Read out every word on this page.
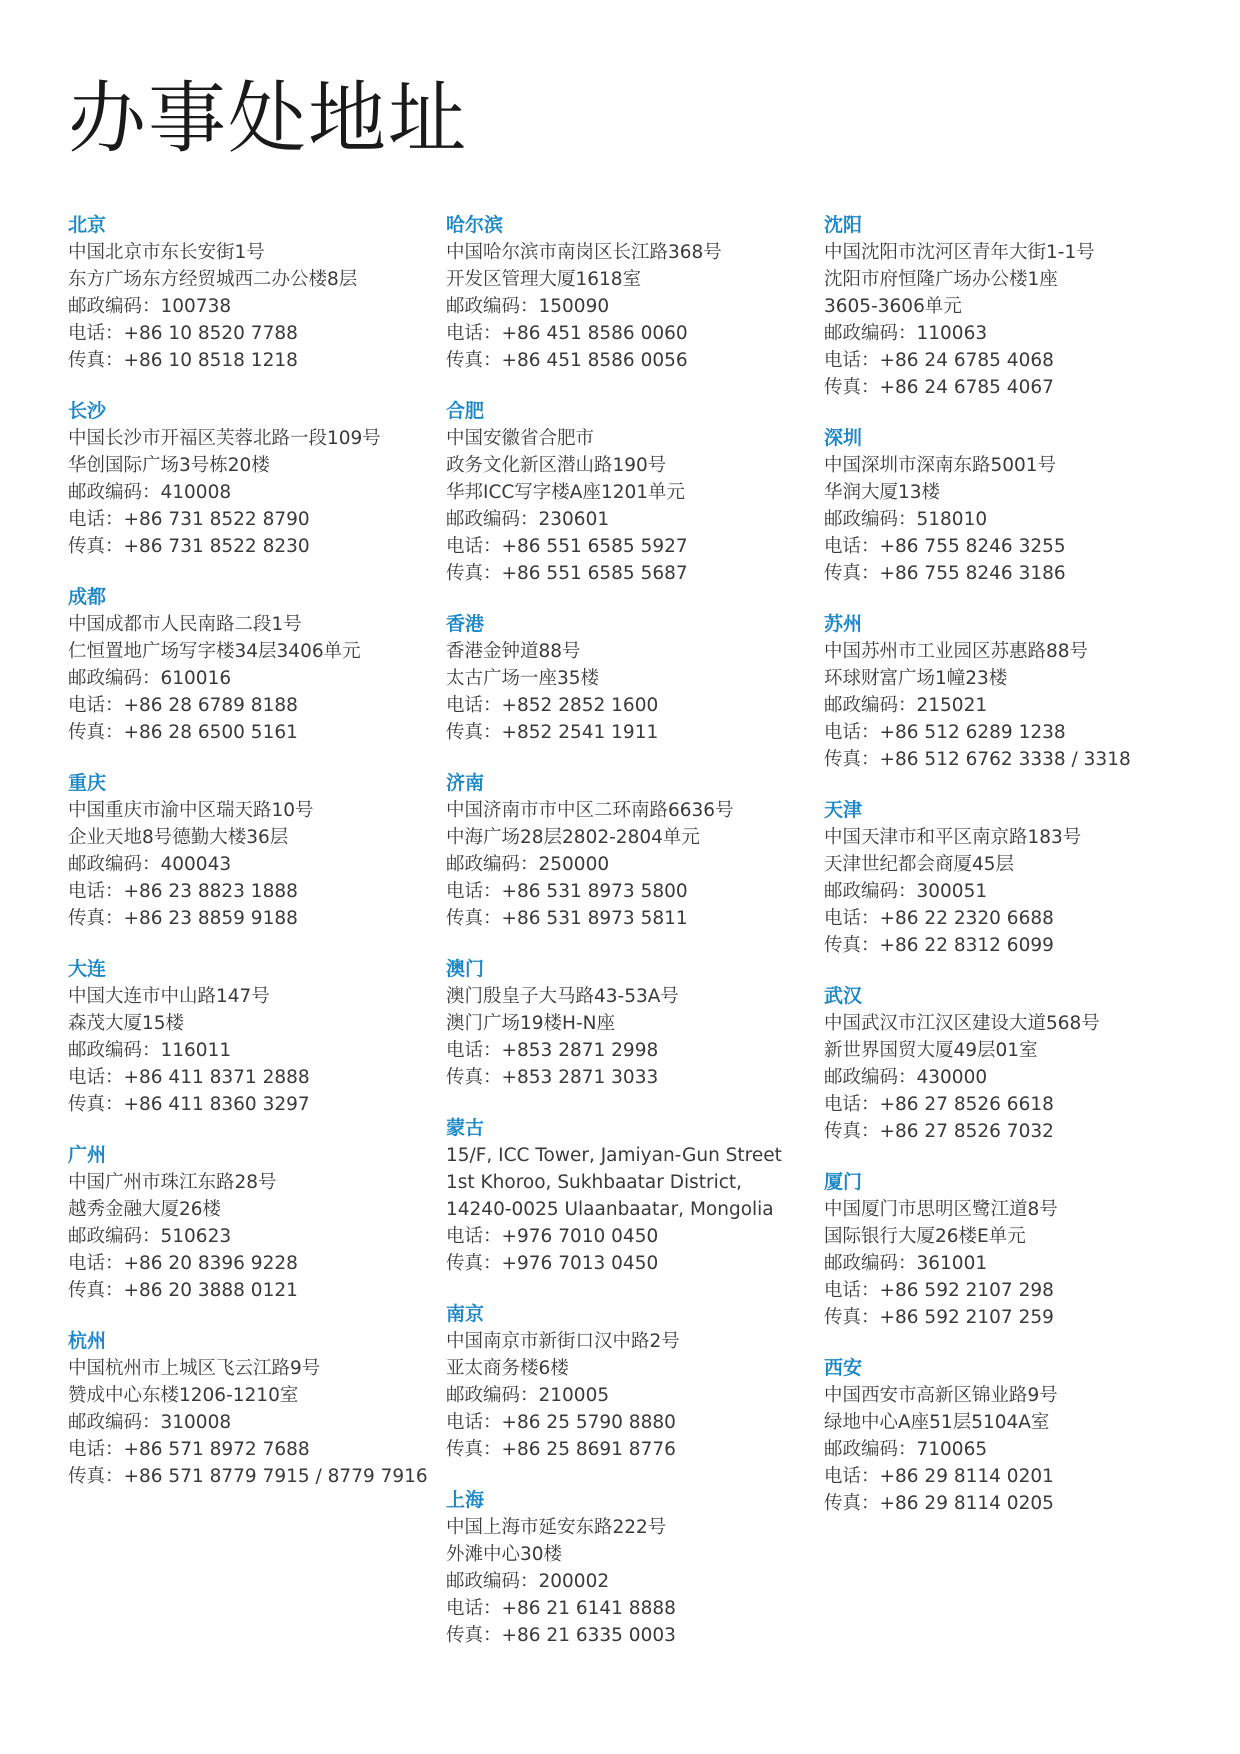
办事处地址
北京
中国北京市东长安街1号
东方广场东方经贸城西二办公楼8层
邮政编码：100738
电话：+86 10 8520 7788
传真：+86 10 8518 1218
长沙
中国长沙市开福区芙蓉北路一段109号
华创国际广场3号栋20楼
邮政编码：410008
电话：+86 731 8522 8790
传真：+86 731 8522 8230
成都
中国成都市人民南路二段1号
仁恒置地广场写字楼34层3406单元
邮政编码：610016
电话：+86 28 6789 8188
传真：+86 28 6500 5161
重庆
中国重庆市渝中区瑞天路10号
企业天地8号德勤大楼36层
邮政编码：400043
电话：+86 23 8823 1888
传真：+86 23 8859 9188
大连
中国大连市中山路147号
森茂大厦15楼
邮政编码：116011
电话：+86 411 8371 2888
传真：+86 411 8360 3297
广州
中国广州市珠江东路28号
越秀金融大厦26楼
邮政编码：510623
电话：+86 20 8396 9228
传真：+86 20 3888 0121
杭州
中国杭州市上城区飞云江路9号
赞成中心东楼1206-1210室
邮政编码：310008
电话：+86 571 8972 7688
传真：+86 571 8779 7915 / 8779 7916
哈尔滨
中国哈尔滨市南岗区长江路368号
开发区管理大厦1618室
邮政编码：150090
电话：+86 451 8586 0060
传真：+86 451 8586 0056
合肥
中国安徽省合肥市
政务文化新区潜山路190号
华邦ICC写字楼A座1201单元
邮政编码：230601
电话：+86 551 6585 5927
传真：+86 551 6585 5687
香港
香港金钟道88号
太古广场一座35楼
电话：+852 2852 1600
传真：+852 2541 1911
济南
中国济南市市中区二环南路6636号
中海广场28层2802-2804单元
邮政编码：250000
电话：+86 531 8973 5800
传真：+86 531 8973 5811
澳门
澳门殷皇子大马路43-53A号
澳门广场19楼H-N座
电话：+853 2871 2998
传真：+853 2871 3033
蒙古
15/F, ICC Tower, Jamiyan-Gun Street
1st Khoroo, Sukhbaatar District,
14240-0025 Ulaanbaatar, Mongolia
电话：+976 7010 0450
传真：+976 7013 0450
南京
中国南京市新街口汉中路2号
亚太商务楼6楼
邮政编码：210005
电话：+86 25 5790 8880
传真：+86 25 8691 8776
上海
中国上海市延安东路222号
外滩中心30楼
邮政编码：200002
电话：+86 21 6141 8888
传真：+86 21 6335 0003
沈阳
中国沈阳市沈河区青年大街1-1号
沈阳市府恒隆广场办公楼1座
3605-3606单元
邮政编码：110063
电话：+86 24 6785 4068
传真：+86 24 6785 4067
深圳
中国深圳市深南东路5001号
华润大厦13楼
邮政编码：518010
电话：+86 755 8246 3255
传真：+86 755 8246 3186
苏州
中国苏州市工业园区苏惠路88号
环球财富广场1幢23楼
邮政编码：215021
电话：+86 512 6289 1238
传真：+86 512 6762 3338 / 3318
天津
中国天津市和平区南京路183号
天津世纪都会商厦45层
邮政编码：300051
电话：+86 22 2320 6688
传真：+86 22 8312 6099
武汉
中国武汉市江汉区建设大道568号
新世界国贸大厦49层01室
邮政编码：430000
电话：+86 27 8526 6618
传真：+86 27 8526 7032
厦门
中国厦门市思明区鹭江道8号
国际银行大厦26楼E单元
邮政编码：361001
电话：+86 592 2107 298
传真：+86 592 2107 259
西安
中国西安市高新区锦业路9号
绿地中心A座51层5104A室
邮政编码：710065
电话：+86 29 8114 0201
传真：+86 29 8114 0205
